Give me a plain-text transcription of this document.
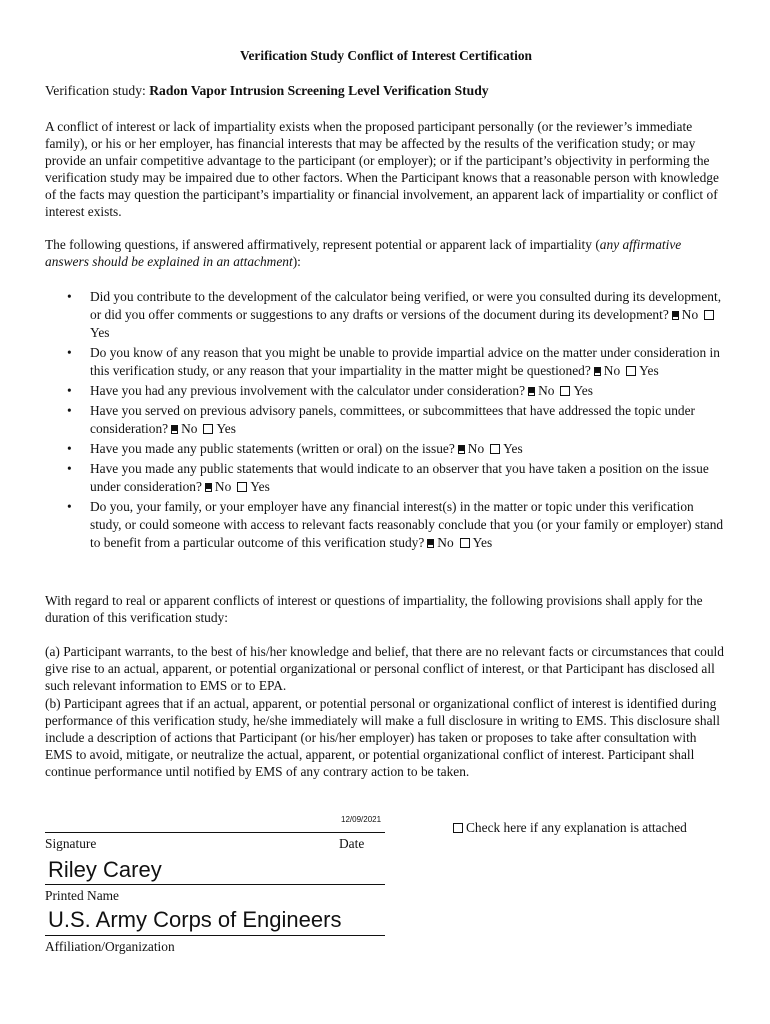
Verification Study Conflict of Interest Certification
Verification study: Radon Vapor Intrusion Screening Level Verification Study
A conflict of interest or lack of impartiality exists when the proposed participant personally (or the reviewer’s immediate family), or his or her employer, has financial interests that may be affected by the results of the verification study; or may provide an unfair competitive advantage to the participant (or employer); or if the participant’s objectivity in performing the verification study may be impaired due to other factors. When the Participant knows that a reasonable person with knowledge of the facts may question the participant’s impartiality or financial involvement, an apparent lack of impartiality or conflict of interest exists.
The following questions, if answered affirmatively, represent potential or apparent lack of impartiality (any affirmative answers should be explained in an attachment):
• Did you contribute to the development of the calculator being verified, or were you consulted during its development, or did you offer comments or suggestions to any drafts or versions of the document during its development? NoYes
• Do you know of any reason that you might be unable to provide impartial advice on the matter under consideration in this verification study, or any reason that your impartiality in the matter might be questioned? No Yes
• Have you had any previous involvement with the calculator under consideration? No Yes
• Have you served on previous advisory panels, committees, or subcommittees that have addressed the topic under consideration? No Yes
• Have you made any public statements (written or oral) on the issue? No Yes
• Have you made any public statements that would indicate to an observer that you have taken a position on the issue under consideration? No Yes
• Do you, your family, or your employer have any financial interest(s) in the matter or topic under this verification study, or could someone with access to relevant facts reasonably conclude that you (or your family or employer) stand to benefit from a particular outcome of this verification study? No Yes
With regard to real or apparent conflicts of interest or questions of impartiality, the following provisions shall apply for the duration of this verification study:
(a) Participant warrants, to the best of his/her knowledge and belief, that there are no relevant facts or circumstances that could give rise to an actual, apparent, or potential organizational or personal conflict of interest, or that Participant has disclosed all such relevant information to EMS or to EPA.
(b) Participant agrees that if an actual, apparent, or potential personal or organizational conflict of interest is identified during performance of this verification study, he/she immediately will make a full disclosure in writing to EMS. This disclosure shall include a description of actions that Participant (or his/her employer) has taken or proposes to take after consultation with EMS to avoid, mitigate, or neutralize the actual, apparent, or potential organizational conflict of interest. Participant shall continue performance until notified by EMS of any contrary action to be taken.
12/09/2021
Check here if any explanation is attached
Signature	Date
Riley Carey
Printed Name
U.S. Army Corps of Engineers
Affiliation/Organization
